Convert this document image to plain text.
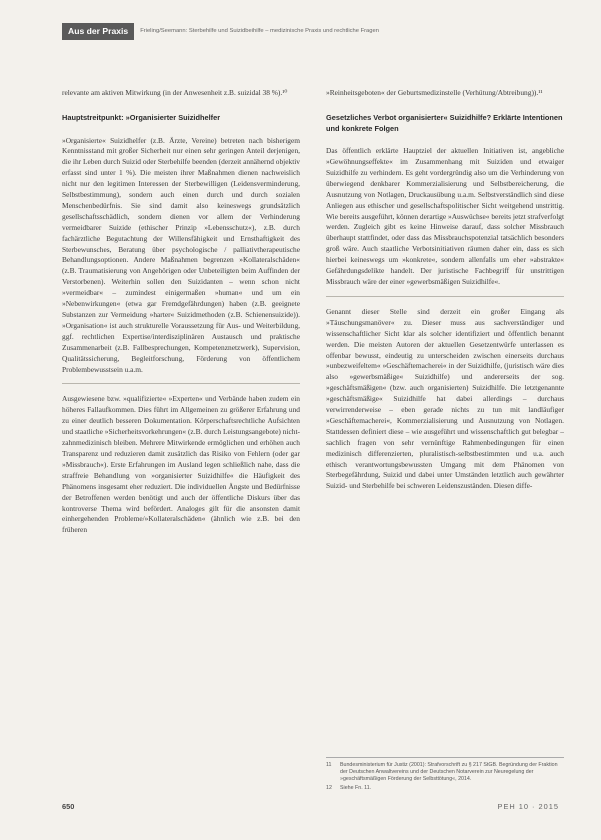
Aus der Praxis	Frieling/Seemann: Sterbehilfe und Suizidbeihilfe – medizinische Praxis und rechtliche Fragen

relevante am aktiven Mitwirkung (in der Anwesenheit z.B. suizidal 38 %).¹⁰

Hauptstreitpunkt: »Organisierter Suizidhelfer

»Organisierte« Suizidhelfer (z.B. Ärzte, Vereine) betreten nach bisherigem Kenntnisstand mit großer Sicherheit nur einen sehr geringen Anteil derjenigen, die ihr Leben durch Suizid oder Sterbehilfe beenden (derzeit annähernd objektiv erfasst sind unter 1 %). Die meisten ihrer Maßnahmen dienen nachweislich nicht nur den legitimen Interessen der Sterbewilligen (Leidensverminderung, Selbstbestimmung), sondern auch einen durch und durch sozialen Menschenbedürfnis. Sie sind damit also keineswegs grundsätzlich gesellschaftsschädlich, sondern dienen vor allem der Verhinderung vermeidbarer Suizide (ethischer Prinzip »Lebensschutz«), z.B. durch fachärztliche Begutachtung der Willensfähigkeit und Ernsthaftigkeit des Sterbewunsches, Beratung über psychologische / palliativtherapeutische Behandlungsoptionen. Andere Maßnahmen begrenzen »Kollateralschäden« (z.B. Traumatisierung von Angehörigen oder Unbeteiligten beim Auffinden der Verstorbenen). Weiterhin sollen den Suizidanten – wenn schon nicht »vermeidbar« – zumindest einigermaßen »human« und um ein »Nebenwirkungen« (etwa gar Fremdgefährdungen) haben (z.B. geeignete Substanzen zur Vermeidung »harter« Suizidmethoden (z.B. Schienensuizide)). »Organisation« ist auch strukturelle Voraussetzung für Aus- und Weiterbildung, ggf. rechtlichen Expertise/interdisziplinären Austausch und praktische Zusammenarbeit (z.B. Fallbesprechungen, Kompetenznetzwerk), Supervision, Qualitätssicherung, Begleitforschung, Förderung von öffentlichem Problembewusstsein u.a.m.

Ausgewiesene bzw. »qualifizierte« »Experten« und Verbände haben zudem ein höheres Fallaufkommen. Dies führt im Allgemeinen zu größerer Erfahrung und zu einer deutlich besseren Dokumentation. Körperschaftsrechtliche Aufsichten und staatliche »Sicherheitsvorkehrungen« (z.B. durch Leistungsangebote) nicht-zahnmedizinisch bleiben. Mehrere Mitwirkende ermöglichen und erhöhen auch Transparenz und reduzieren damit zusätzlich das Risiko von Fehlern (oder gar »Missbrauch«). Erste Erfahrungen im Ausland legen schließlich nahe, dass die straffreie Behandlung von »organisierter Suizidhilfe« die Häufigkeit des Phänomens insgesamt eher reduziert. Die individuellen Ängste und Bedürfnisse der Betroffenen werden benötigt und auch der öffentliche Diskurs über das kontroverse Thema wird befördert. Analoges gilt für die ansonsten damit einhergehenden Probleme/»Kollateralschäden« (ähnlich wie z.B. bei den früheren

»Reinheitsgeboten« der Geburtsmedizinstelle (Verhütung/Abtreibung)).¹¹

Gesetzliches Verbot organisierter« Suizidhilfe? Erklärte Intentionen und konkrete Folgen

Das öffentlich erklärte Hauptziel der aktuellen Initiativen ist, angebliche »Gewöhnungseffekte« im Zusammenhang mit Suiziden und etwaiger Suizidhilfe zu verhindern. Es geht vordergründig also um die Verhinderung von überwiegend denkbarer Kommerzialisierung und Selbstbereicherung, die Ausnutzung von Notlagen, Druckausübung u.a.m. Selbstverständlich sind diese Anliegen aus ethischer und gesellschaftspolitischer Sicht weitgehend unstrittig. Wie bereits ausgeführt, können derartige »Auswüchse« bereits jetzt strafverfolgt werden. Zugleich gibt es keine Hinweise darauf, dass solcher Missbrauch überhaupt stattfindet, oder dass das Missbrauchspotenzial tatsächlich besonders groß wäre. Auch staatliche Verbotsinitiativen räumen daher ein, dass es sich hierbei keineswegs um »konkrete«, sondern allenfalls um eher »abstrakte« Gefährdungsdelikte handelt. Der juristische Fachbegriff für unstrittigen Missbrauch wäre der einer »gewerbsmäßigen Suizidhilfe«.

Genannt dieser Stelle sind derzeit ein großer Eingang als »Täuschungsmanöver« zu. Dieser muss aus sachverständiger und wissenschaftlicher Sicht klar als solcher identifiziert und öffentlich benannt werden. Die meisten Autoren der aktuellen Gesetzentwürfe unterlassen es offenbar bewusst, eindeutig zu unterscheiden zwischen einerseits durchaus »unbezweifeltem« »Geschäftemacherei« in der Suizidhilfe, (juristisch wäre dies also »gewerbsmäßige« Suizidhilfe) und andererseits der sog. »geschäftsmäßigen« (bzw. auch organisierten) Suizidhilfe. Die letztgenannte »geschäftsmäßige« Suizidhilfe hat dabei allerdings – durchaus verwirrenderweise – eben gerade nichts zu tun mit landläufiger »Geschäftemacherei«, Kommerzialisierung und Ausnutzung von Notlagen. Stattdessen definiert diese – wie ausgeführt und wissenschaftlich gut belegbar – sachlich fragen von sehr vernünftige Rahmenbedingungen für einen medizinisch differenzierten, pluralistisch-selbstbestimmten und u.a. auch ethisch verantwortungsbewussten Umgang mit dem Phänomen von Sterbegefährdung, Suizid und dabei unter Umständen letztlich auch gewährter Suizid- und Sterbehilfe bei schweren Leidenszuständen. Diesen diffe-

11	Bundesministerium für Justiz (2001): Strafvorschrift zu § 217 StGB. Begründung der Fraktion der Deutschen Anwaltvereins und der Deutschen Notarverein zur Neuregelung der »geschäftsmäßigen Förderung der Selbsttötung«, 2014.
12	Siehe Fn. 11.
650	PEH 10 · 2015
